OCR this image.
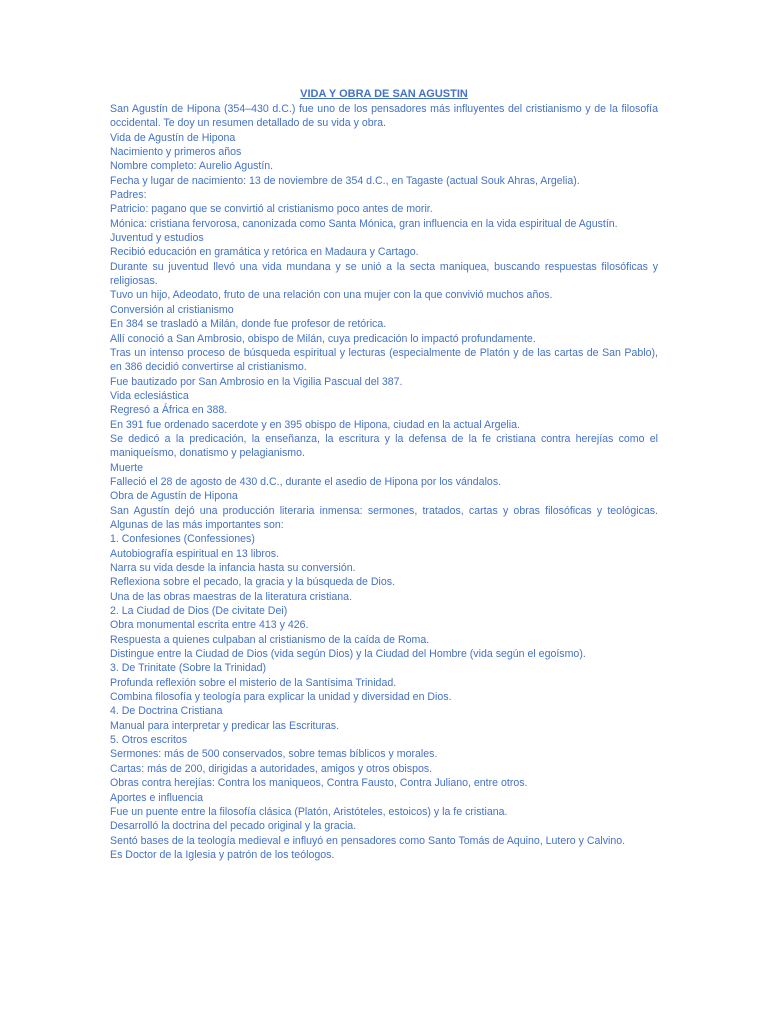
VIDA Y OBRA DE SAN AGUSTIN

San Agustín de Hipona (354–430 d.C.) fue uno de los pensadores más influyentes del cristianismo y de la filosofía occidental. Te doy un resumen detallado de su vida y obra.

Vida de Agustín de Hipona

Nacimiento y primeros años

Nombre completo: Aurelio Agustín.

Fecha y lugar de nacimiento: 13 de noviembre de 354 d.C., en Tagaste (actual Souk Ahras, Argelia).

Padres:

Patricio: pagano que se convirtió al cristianismo poco antes de morir.

Mónica: cristiana fervorosa, canonizada como Santa Mónica, gran influencia en la vida espiritual de Agustín.

Juventud y estudios

Recibió educación en gramática y retórica en Madaura y Cartago.

Durante su juventud llevó una vida mundana y se unió a la secta maniquea, buscando respuestas filosóficas y religiosas.

Tuvo un hijo, Adeodato, fruto de una relación con una mujer con la que convivió muchos años.

Conversión al cristianismo

En 384 se trasladó a Milán, donde fue profesor de retórica.

Allí conoció a San Ambrosio, obispo de Milán, cuya predicación lo impactó profundamente.

Tras un intenso proceso de búsqueda espiritual y lecturas (especialmente de Platón y de las cartas de San Pablo), en 386 decidió convertirse al cristianismo.

Fue bautizado por San Ambrosio en la Vigilia Pascual del 387.

Vida eclesiástica

Regresó a África en 388.

En 391 fue ordenado sacerdote y en 395 obispo de Hipona, ciudad en la actual Argelia.

Se dedicó a la predicación, la enseñanza, la escritura y la defensa de la fe cristiana contra herejías como el maniqueísmo, donatismo y pelagianismo.

Muerte

Falleció el 28 de agosto de 430 d.C., durante el asedio de Hipona por los vándalos.

Obra de Agustín de Hipona

San Agustín dejó una producción literaria inmensa: sermones, tratados, cartas y obras filosóficas y teológicas. Algunas de las más importantes son:

1. Confesiones (Confessiones)

Autobiografía espiritual en 13 libros.

Narra su vida desde la infancia hasta su conversión.

Reflexiona sobre el pecado, la gracia y la búsqueda de Dios.

Una de las obras maestras de la literatura cristiana.

2. La Ciudad de Dios (De civitate Dei)

Obra monumental escrita entre 413 y 426.

Respuesta a quienes culpaban al cristianismo de la caída de Roma.

Distingue entre la Ciudad de Dios (vida según Dios) y la Ciudad del Hombre (vida según el egoísmo).

3. De Trinitate (Sobre la Trinidad)

Profunda reflexión sobre el misterio de la Santísima Trinidad.

Combina filosofía y teología para explicar la unidad y diversidad en Dios.

4. De Doctrina Cristiana

Manual para interpretar y predicar las Escrituras.

5. Otros escritos

Sermones: más de 500 conservados, sobre temas bíblicos y morales.

Cartas: más de 200, dirigidas a autoridades, amigos y otros obispos.

Obras contra herejías: Contra los maniqueos, Contra Fausto, Contra Juliano, entre otros.

Aportes e influencia

Fue un puente entre la filosofía clásica (Platón, Aristóteles, estoicos) y la fe cristiana.

Desarrolló la doctrina del pecado original y la gracia.

Sentó bases de la teología medieval e influyó en pensadores como Santo Tomás de Aquino, Lutero y Calvino.

Es Doctor de la Iglesia y patrón de los teólogos.
